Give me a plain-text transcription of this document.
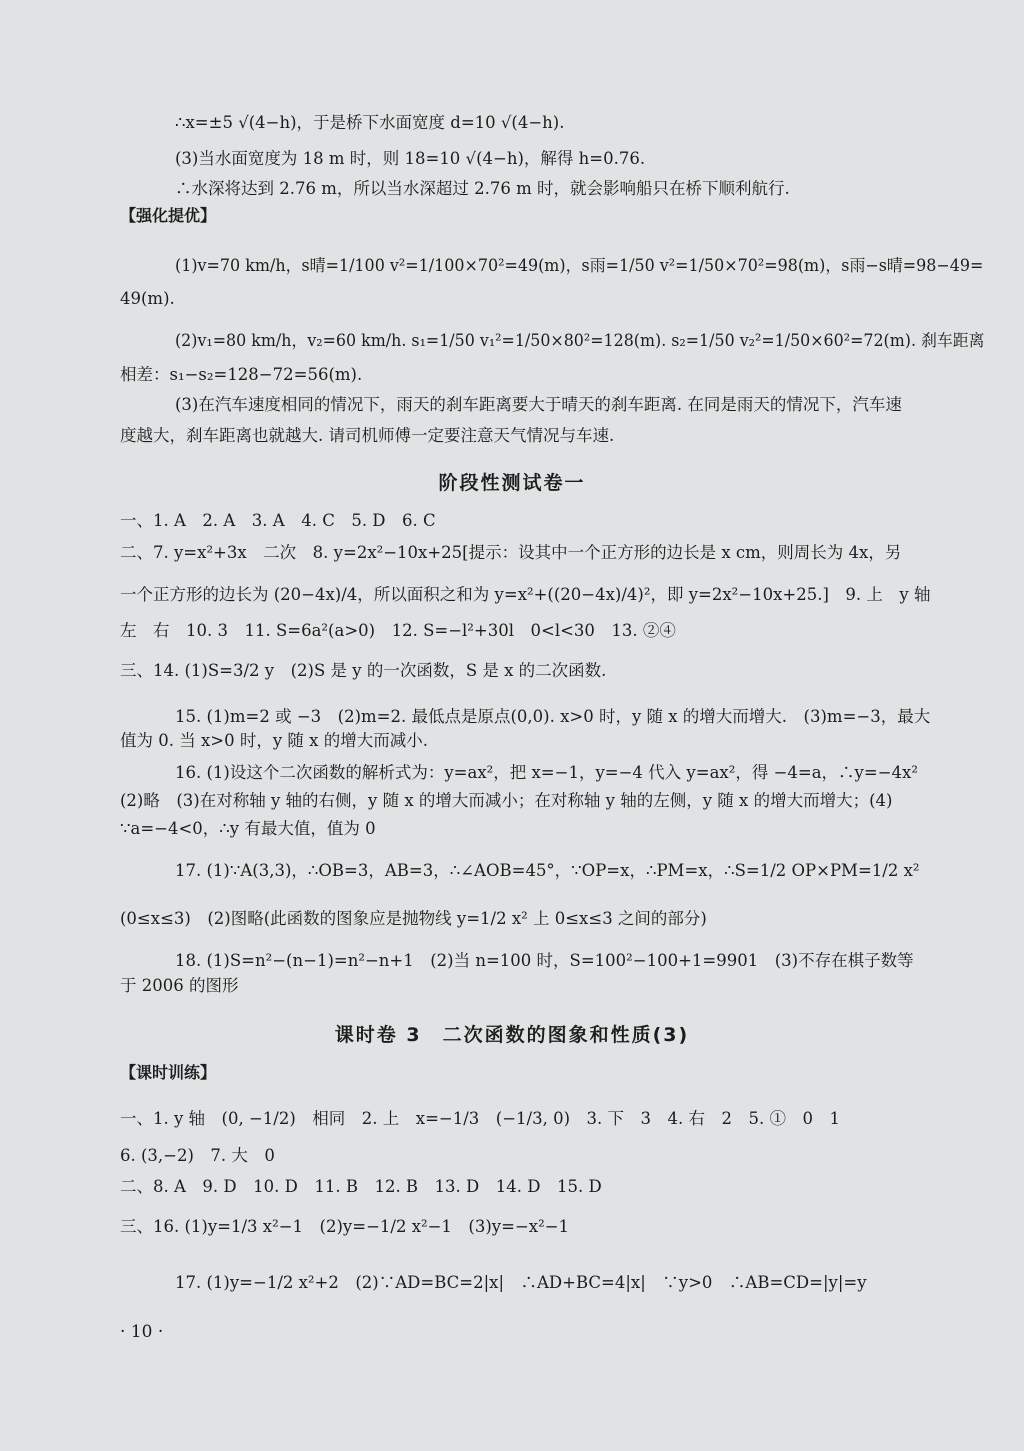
∴x=±5 √(4−h)，于是桥下水面宽度 d=10 √(4−h).
(3)当水面宽度为 18 m 时，则 18=10 √(4−h)，解得 h=0.76.
∴水深将达到 2.76 m，所以当水深超过 2.76 m 时，就会影响船只在桥下顺利航行.
【强化提优】
(1)v=70 km/h，s晴=1/100 v²=1/100×70²=49(m)，s雨=1/50 v²=1/50×70²=98(m)，s雨−s晴=98−49=
49(m).
(2)v₁=80 km/h，v₂=60 km/h. s₁=1/50 v₁²=1/50×80²=128(m). s₂=1/50 v₂²=1/50×60²=72(m). 刹车距离
相差：s₁−s₂=128−72=56(m).
(3)在汽车速度相同的情况下，雨天的刹车距离要大于晴天的刹车距离. 在同是雨天的情况下，汽车速
度越大，刹车距离也就越大. 请司机师傅一定要注意天气情况与车速.
阶段性测试卷一
一、1. A　2. A　3. A　4. C　5. D　6. C
二、7. y=x²+3x　二次　8. y=2x²−10x+25[提示：设其中一个正方形的边长是 x cm，则周长为 4x，另
一个正方形的边长为 (20−4x)/4，所以面积之和为 y=x²+((20−4x)/4)²，即 y=2x²−10x+25.]　9. 上　y 轴
左　右　10. 3　11. S=6a²(a>0)　12. S=−l²+30l　0<l<30　13. ②④
三、14. (1)S=3/2 y　(2)S 是 y 的一次函数，S 是 x 的二次函数.
15. (1)m=2 或 −3　(2)m=2. 最低点是原点(0,0). x>0 时，y 随 x 的增大而增大.　(3)m=−3，最大
值为 0. 当 x>0 时，y 随 x 的增大而减小.
16. (1)设这个二次函数的解析式为：y=ax²，把 x=−1，y=−4 代入 y=ax²，得 −4=a，∴y=−4x²
(2)略　(3)在对称轴 y 轴的右侧，y 随 x 的增大而减小；在对称轴 y 轴的左侧，y 随 x 的增大而增大；(4)
∵a=−4<0，∴y 有最大值，值为 0
17. (1)∵A(3,3)，∴OB=3，AB=3，∴∠AOB=45°，∵OP=x，∴PM=x，∴S=1/2 OP×PM=1/2 x²
(0≤x≤3)　(2)图略(此函数的图象应是抛物线 y=1/2 x² 上 0≤x≤3 之间的部分)
18. (1)S=n²−(n−1)=n²−n+1　(2)当 n=100 时，S=100²−100+1=9901　(3)不存在棋子数等
于 2006 的图形
课时卷 3　二次函数的图象和性质(3)
【课时训练】
一、1. y 轴　(0, −1/2)　相同　2. 上　x=−1/3　(−1/3, 0)　3. 下　3　4. 右　2　5. ①　0　1
6. (3,−2)　7. 大　0
二、8. A　9. D　10. D　11. B　12. B　13. D　14. D　15. D
三、16. (1)y=1/3 x²−1　(2)y=−1/2 x²−1　(3)y=−x²−1
17. (1)y=−1/2 x²+2　(2)∵AD=BC=2|x|　∴AD+BC=4|x|　∵y>0　∴AB=CD=|y|=y
· 10 ·
